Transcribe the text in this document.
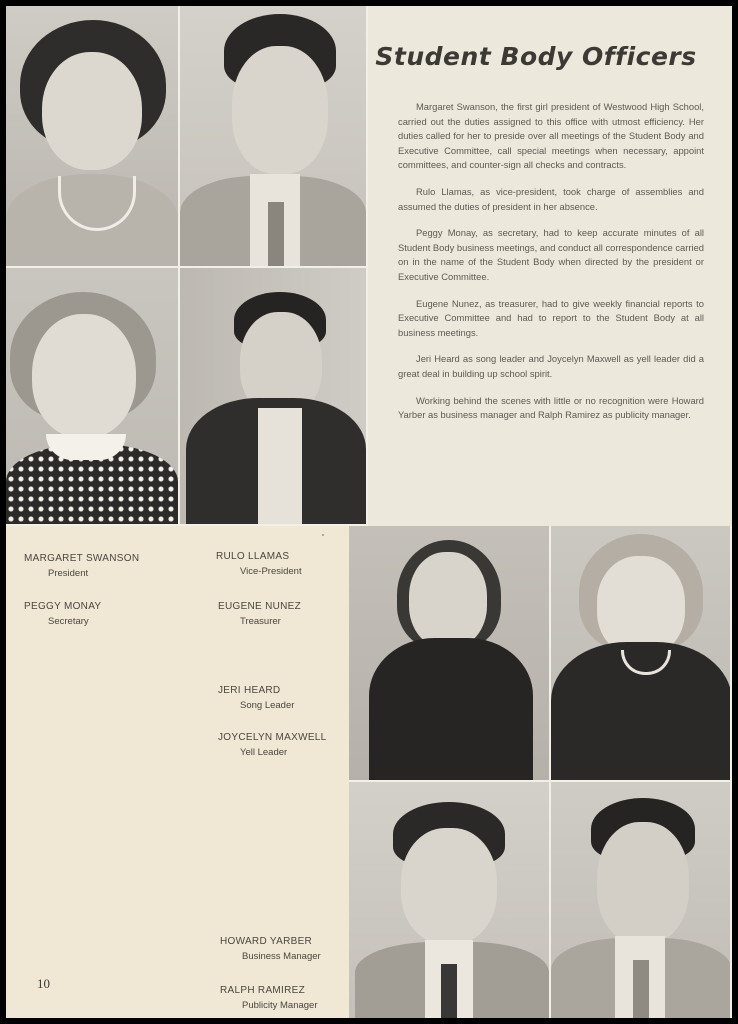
Student Body Officers

Margaret Swanson, the first girl president of Westwood High School, carried out the duties assigned to this office with utmost efficiency. Her duties called for her to preside over all meetings of the Student Body and Executive Committee, call special meetings when necessary, appoint committees, and counter-sign all checks and contracts.

Rulo Llamas, as vice-president, took charge of assemblies and assumed the duties of president in her absence.

Peggy Monay, as secretary, had to keep accurate minutes of all Student Body business meetings, and conduct all correspondence carried on in the name of the Student Body when directed by the president or Executive Committee.

Eugene Nunez, as treasurer, had to give weekly financial reports to Executive Committee and had to report to the Student Body at all business meetings.

Jeri Heard as song leader and Joycelyn Maxwell as yell leader did a great deal in building up school spirit.

Working behind the scenes with little or no recognition were Howard Yarber as business manager and Ralph Ramirez as publicity manager.

MARGARET SWANSON
President
RULO LLAMAS
Vice-President
PEGGY MONAY
Secretary
EUGENE NUNEZ
Treasurer
JERI HEARD
Song Leader
JOYCELYN MAXWELL
Yell Leader
HOWARD YARBER
Business Manager
RALPH RAMIREZ
Publicity Manager
10
